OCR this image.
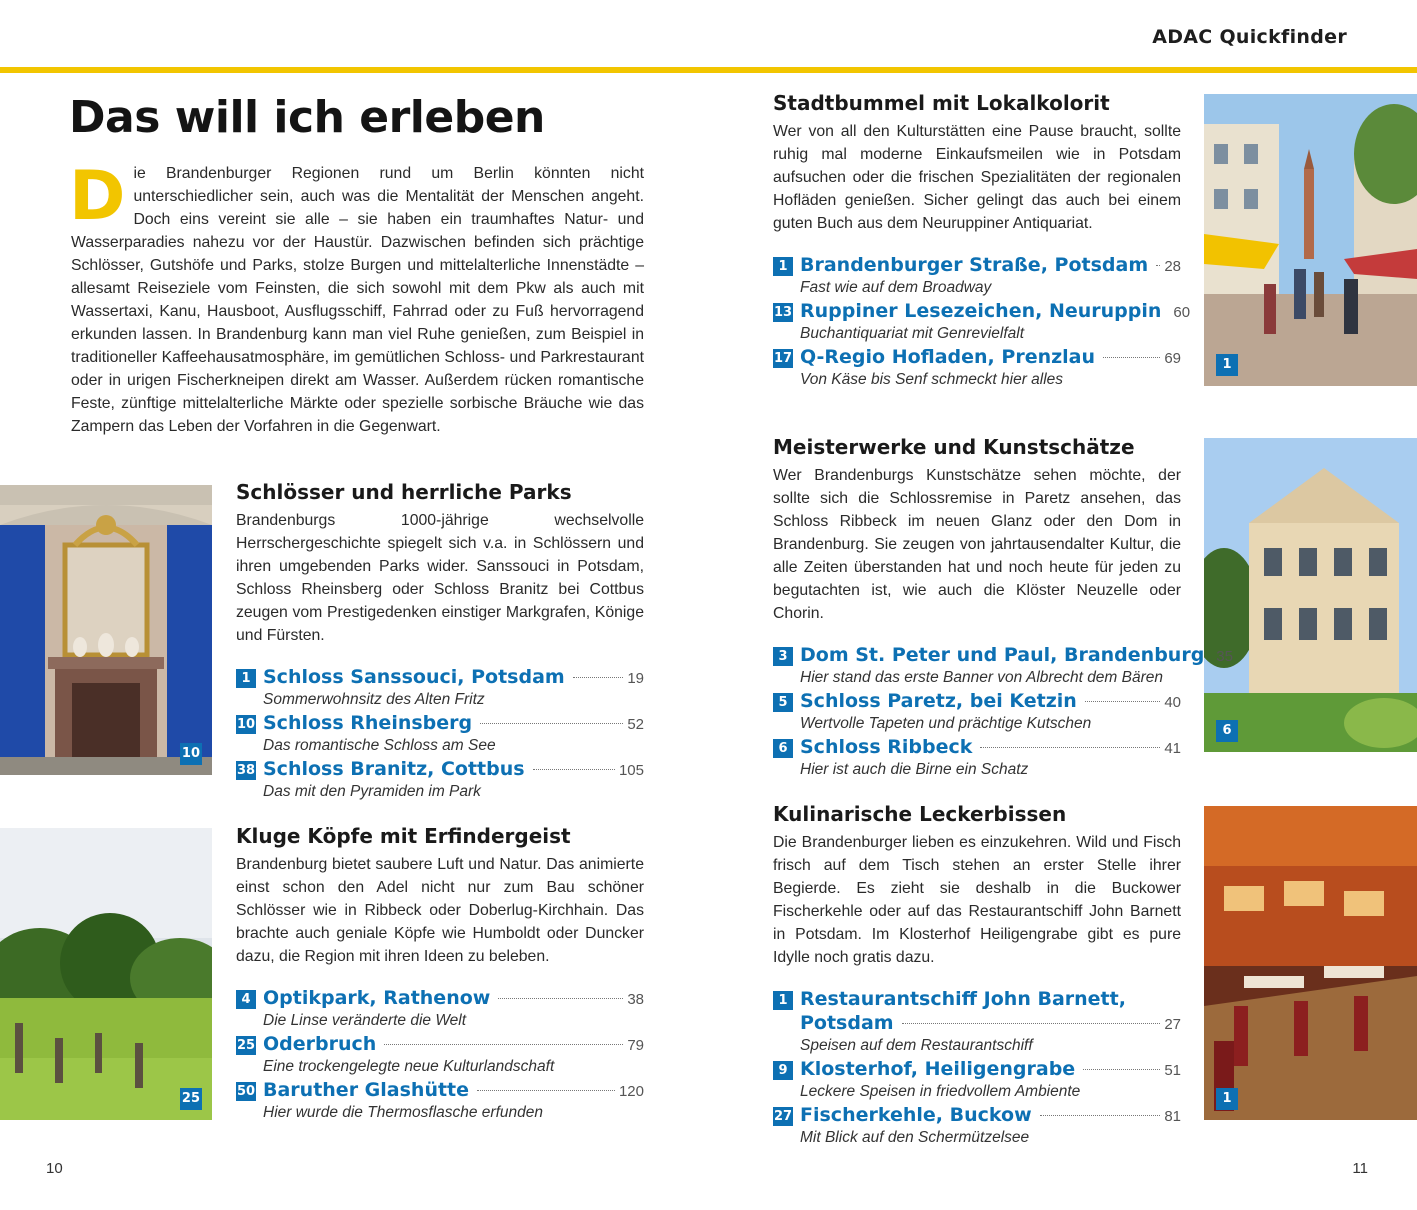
ADAC Quickfinder
Das will ich erleben

Die Brandenburger Regionen rund um Berlin könnten nicht unterschiedlicher sein, auch was die Mentalität der Menschen angeht. Doch eins vereint sie alle – sie haben ein traumhaftes Natur- und Wasserparadies nahezu vor der Haustür. Dazwischen befinden sich prächtige Schlösser, Gutshöfe und Parks, stolze Burgen und mittelalterliche Innenstädte – allesamt Reiseziele vom Feinsten, die sich sowohl mit dem Pkw als auch mit Wassertaxi, Kanu, Hausboot, Ausflugsschiff, Fahrrad oder zu Fuß hervorragend erkunden lassen. In Brandenburg kann man viel Ruhe genießen, zum Beispiel in traditioneller Kaffeehausatmosphäre, im gemütlichen Schloss- und Parkrestaurant oder in urigen Fischerkneipen direkt am Wasser. Außerdem rücken romantische Feste, zünftige mittelalterliche Märkte oder spezielle sorbische Bräuche wie das Zampern das Leben der Vorfahren in die Gegenwart.

10
25
1
6
1
Schlösser und herrliche Parks

Brandenburgs 1000-jährige wechselvolle Herrschergeschichte spiegelt sich v.a. in Schlössern und ihren umgebenden Parks wider. Sanssouci in Potsdam, Schloss Rheinsberg oder Schloss Branitz bei Cottbus zeugen vom Prestigedenken einstiger Markgrafen, Könige und Fürsten.

1 Schloss Sanssouci, Potsdam	19
Sommerwohnsitz des Alten Fritz
10 Schloss Rheinsberg	52
Das romantische Schloss am See
38 Schloss Branitz, Cottbus	105
Das mit den Pyramiden im Park
Kluge Köpfe mit Erfindergeist

Brandenburg bietet saubere Luft und Natur. Das animierte einst schon den Adel nicht nur zum Bau schöner Schlösser wie in Ribbeck oder Doberlug-Kirchhain. Das brachte auch geniale Köpfe wie Humboldt oder Duncker dazu, die Region mit ihren Ideen zu beleben.

4 Optikpark, Rathenow	38
Die Linse veränderte die Welt
25 Oderbruch	79
Eine trockengelegte neue Kulturlandschaft
50 Baruther Glashütte	120
Hier wurde die Thermosflasche erfunden
Stadtbummel mit Lokalkolorit

Wer von all den Kulturstätten eine Pause braucht, sollte ruhig mal moderne Einkaufsmeilen wie in Potsdam aufsuchen oder die frischen Spezialitäten der regionalen Hofläden genießen. Sicher gelingt das auch bei einem guten Buch aus dem Neuruppiner Antiquariat.

1 Brandenburger Straße, Potsdam 28
Fast wie auf dem Broadway
13 Ruppiner Lesezeichen, Neuruppin 60
Buchantiquariat mit Genrevielfalt
17 Q-Regio Hofladen, Prenzlau	69
Von Käse bis Senf schmeckt hier alles
Meisterwerke und Kunstschätze

Wer Brandenburgs Kunstschätze sehen möchte, der sollte sich die Schlossremise in Paretz ansehen, das Schloss Ribbeck im neuen Glanz oder den Dom in Brandenburg. Sie zeugen von jahrtausendalter Kultur, die alle Zeiten überstanden hat und noch heute für jeden zu begutachten ist, wie auch die Klöster Neuzelle oder Chorin.

3 Dom St. Peter und Paul, Brandenburg 35
Hier stand das erste Banner von Albrecht dem Bären
5 Schloss Paretz, bei Ketzin	40
Wertvolle Tapeten und prächtige Kutschen
6 Schloss Ribbeck	41
Hier ist auch die Birne ein Schatz
Kulinarische Leckerbissen

Die Brandenburger lieben es einzukehren. Wild und Fisch frisch auf dem Tisch stehen an erster Stelle ihrer Begierde. Es zieht sie deshalb in die Buckower Fischerkehle oder auf das Restaurantschiff John Barnett in Potsdam. Im Klosterhof Heiligengrabe gibt es pure Idylle noch gratis dazu.

1 Restaurantschiff John Barnett,
Potsdam	27
Speisen auf dem Restaurantschiff
9 Klosterhof, Heiligengrabe	51
Leckere Speisen in friedvollem Ambiente
27 Fischerkehle, Buckow	81
Mit Blick auf den Schermützelsee
10	11
